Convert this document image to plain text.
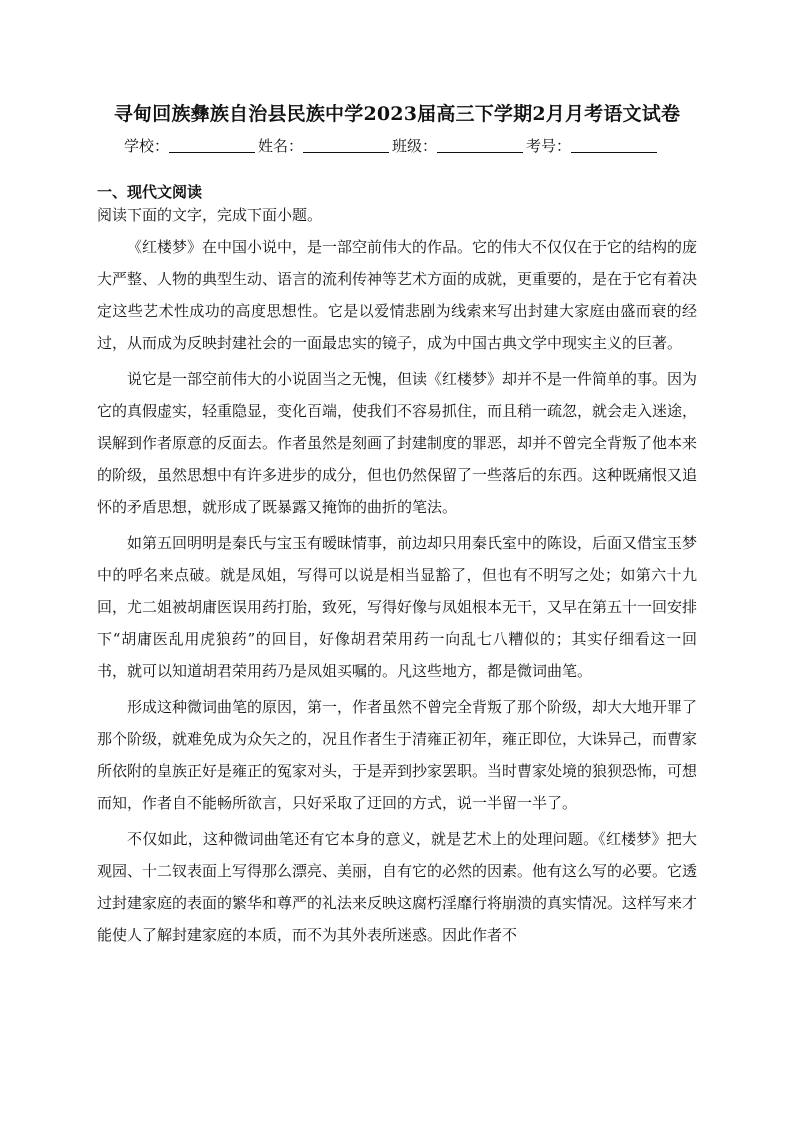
寻甸回族彝族自治县民族中学2023届高三下学期2月月考语文试卷
学校：	姓名：	班级：	考号：
一、现代文阅读
阅读下面的文字，完成下面小题。

《红楼梦》在中国小说中，是一部空前伟大的作品。它的伟大不仅仅在于它的结构的庞大严整、人物的典型生动、语言的流利传神等艺术方面的成就，更重要的，是在于它有着决定这些艺术性成功的高度思想性。它是以爱情悲剧为线索来写出封建大家庭由盛而衰的经过，从而成为反映封建社会的一面最忠实的镜子，成为中国古典文学中现实主义的巨著。

说它是一部空前伟大的小说固当之无愧，但读《红楼梦》却并不是一件简单的事。因为它的真假虚实，轻重隐显，变化百端，使我们不容易抓住，而且稍一疏忽，就会走入迷途，误解到作者原意的反面去。作者虽然是刻画了封建制度的罪恶，却并不曾完全背叛了他本来的阶级，虽然思想中有许多进步的成分，但也仍然保留了一些落后的东西。这种既痛恨又追怀的矛盾思想，就形成了既暴露又掩饰的曲折的笔法。

如第五回明明是秦氏与宝玉有暧昧情事，前边却只用秦氏室中的陈设，后面又借宝玉梦中的呼名来点破。就是凤姐，写得可以说是相当显豁了，但也有不明写之处；如第六十九回，尤二姐被胡庸医误用药打胎，致死，写得好像与凤姐根本无干，又早在第五十一回安排下“胡庸医乱用虎狼药”的回目，好像胡君荣用药一向乱七八糟似的；其实仔细看这一回书，就可以知道胡君荣用药乃是凤姐买嘱的。凡这些地方，都是微词曲笔。

形成这种微词曲笔的原因，第一，作者虽然不曾完全背叛了那个阶级，却大大地开罪了那个阶级，就难免成为众矢之的，况且作者生于清雍正初年，雍正即位，大诛异己，而曹家所依附的皇族正好是雍正的冤家对头，于是弄到抄家罢职。当时曹家处境的狼狈恐怖，可想而知，作者自不能畅所欲言，只好采取了迂回的方式，说一半留一半了。

不仅如此，这种微词曲笔还有它本身的意义，就是艺术上的处理问题。《红楼梦》把大观园、十二钗表面上写得那么漂亮、美丽，自有它的必然的因素。他有这么写的必要。它透过封建家庭的表面的繁华和尊严的礼法来反映这腐朽淫靡行将崩溃的真实情况。这样写来才能使人了解封建家庭的本质，而不为其外表所迷惑。因此作者不
